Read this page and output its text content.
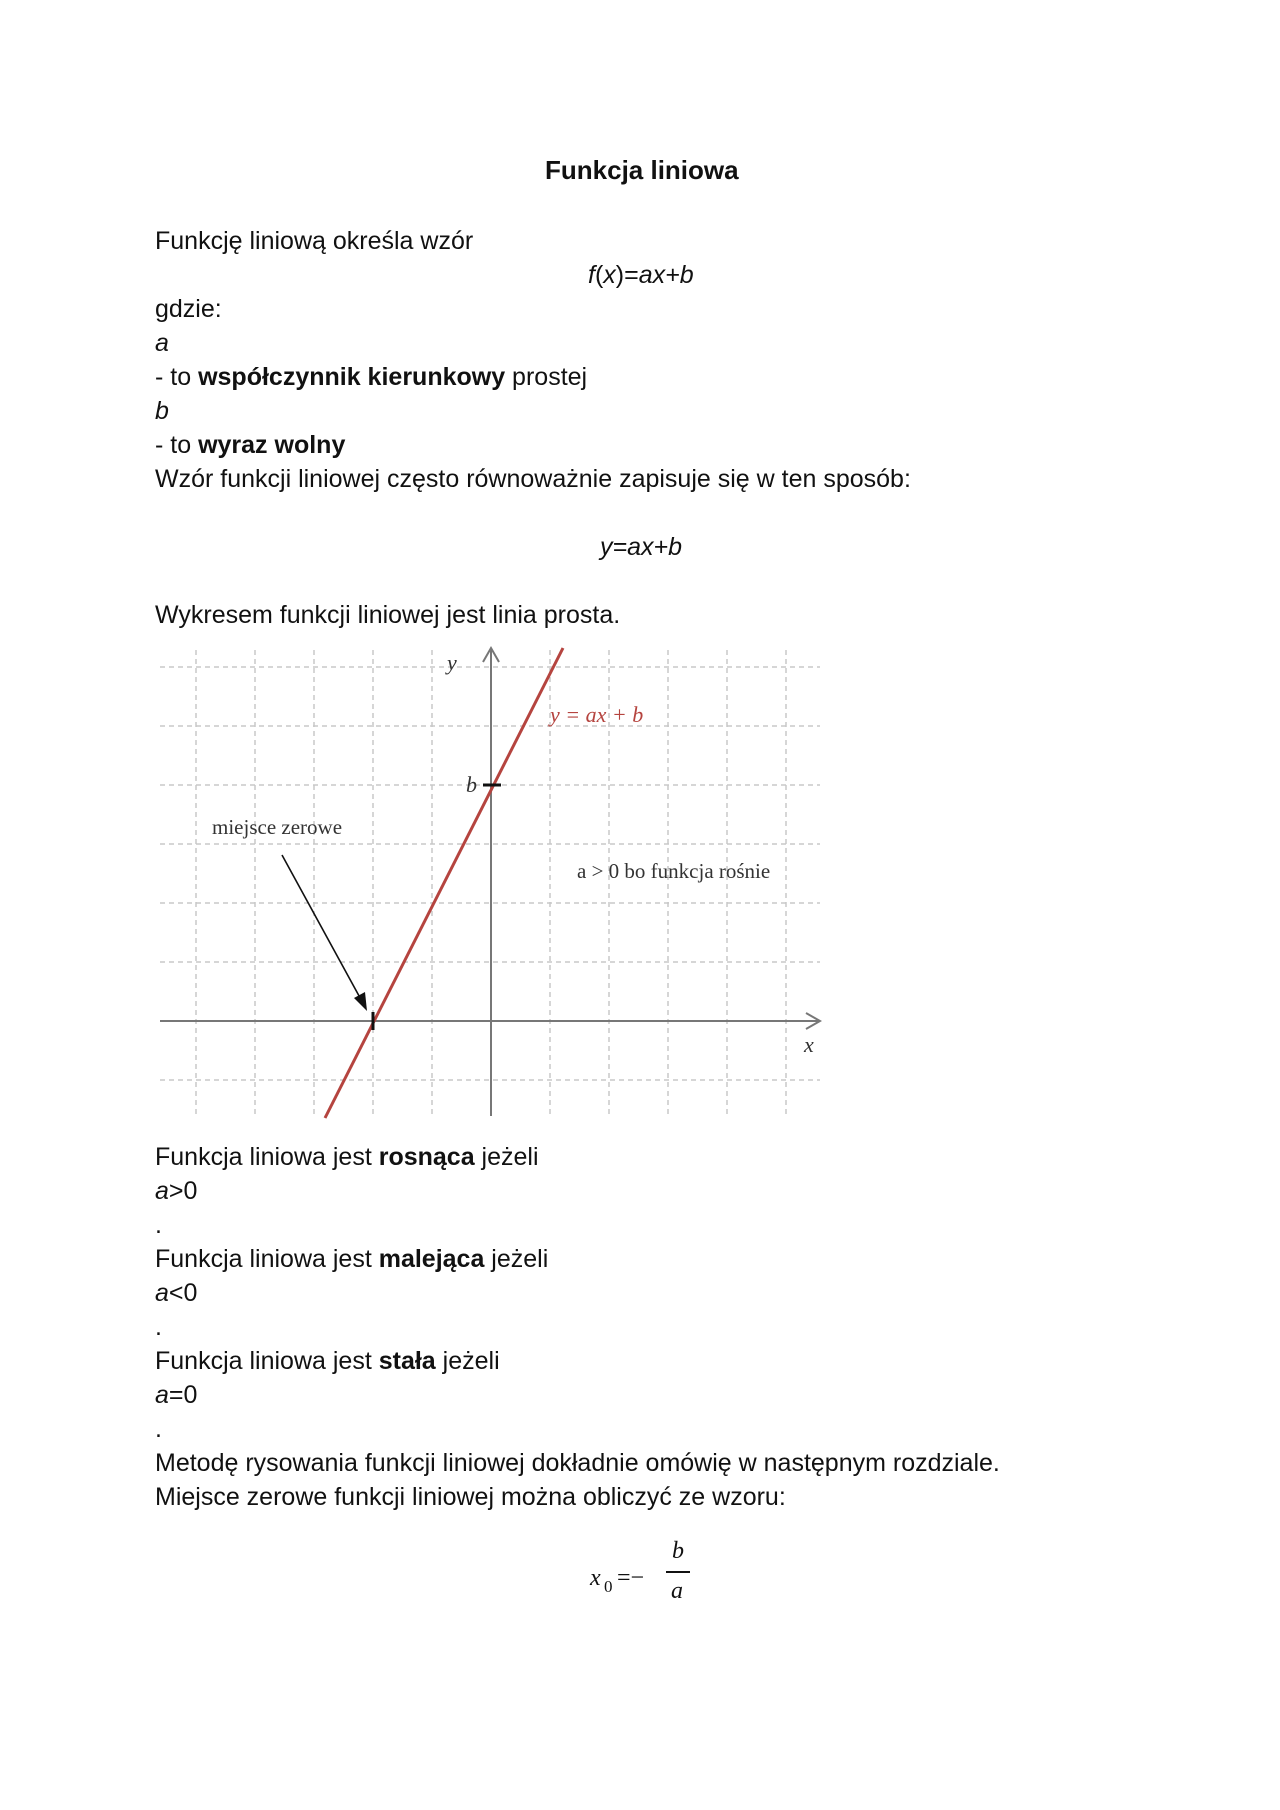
Funkcja liniowa
Funkcję liniową określa wzór
f(x)=ax+b
gdzie:
a
- to współczynnik kierunkowy prostej
b
- to wyraz wolny
Wzór funkcji liniowej często równoważnie zapisuje się w ten sposób:
y=ax+b
Wykresem funkcji liniowej jest linia prosta.
y
x
y = ax + b
b
miejsce zerowe
a > 0 bo funkcja rośnie
Funkcja liniowa jest rosnąca jeżeli
a>0
.
Funkcja liniowa jest malejąca jeżeli
a<0
.
Funkcja liniowa jest stała jeżeli
a=0
.
Metodę rysowania funkcji liniowej dokładnie omówię w następnym rozdziale.
Miejsce zerowe funkcji liniowej można obliczyć ze wzoru:
x 0 =−
b
a
